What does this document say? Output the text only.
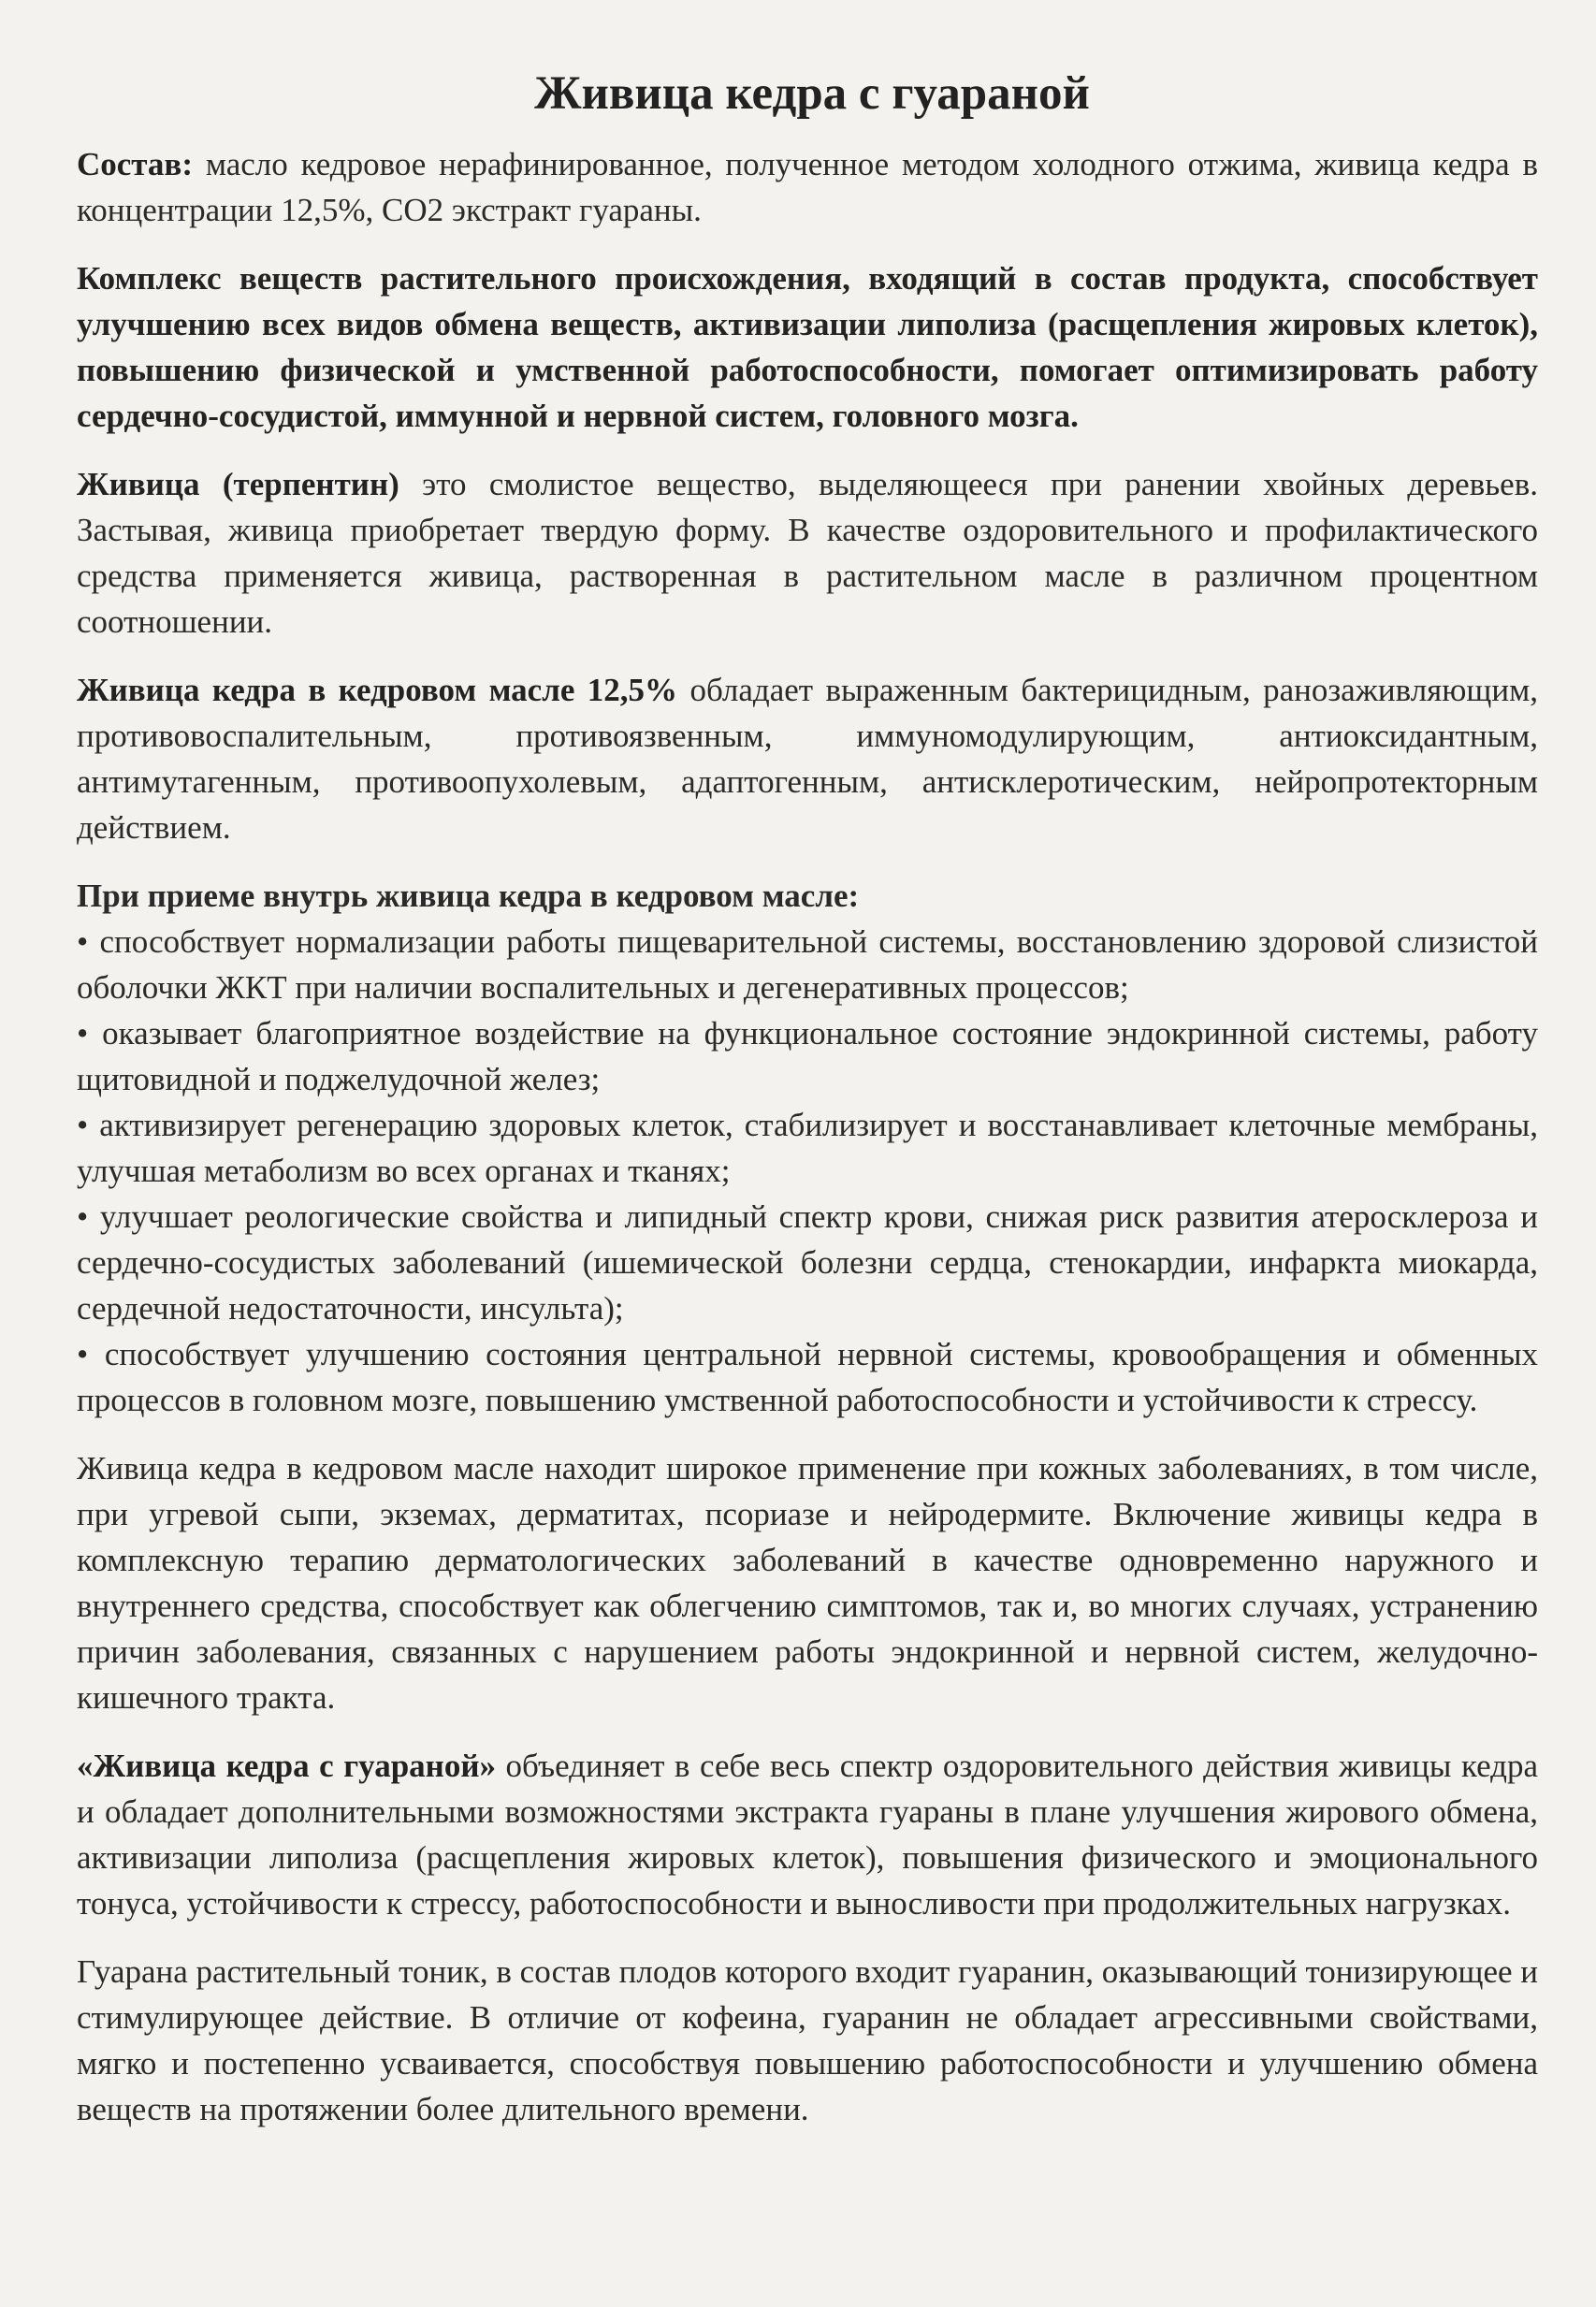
Живица кедра с гуараной

Состав: масло кедровое нерафинированное, полученное методом холодного отжима, живица кедра в концентрации 12,5%, СО2 экстракт гуараны.

Комплекс веществ растительного происхождения, входящий в состав продукта, способствует улучшению всех видов обмена веществ, активизации липолиза (расщепления жировых клеток), повышению физической и умственной работоспособности, помогает оптимизировать работу сердечно-сосудистой, иммунной и нервной систем, головного мозга.

Живица (терпентин) это смолистое вещество, выделяющееся при ранении хвойных деревьев. Застывая, живица приобретает твердую форму. В качестве оздоровительного и профилактического средства применяется живица, растворенная в растительном масле в различном процентном соотношении.

Живица кедра в кедровом масле 12,5% обладает выраженным бактерицидным, ранозаживляющим, противовоспалительным, противоязвенным, иммуномодулирующим, антиоксидантным, антимутагенным, противоопухолевым, адаптогенным, антисклеротическим, нейропротекторным действием.

При приеме внутрь живица кедра в кедровом масле:
• способствует нормализации работы пищеварительной системы, восстановлению здоровой слизистой оболочки ЖКТ при наличии воспалительных и дегенеративных процессов;
• оказывает благоприятное воздействие на функциональное состояние эндокринной системы, работу щитовидной и поджелудочной желез;
• активизирует регенерацию здоровых клеток, стабилизирует и восстанавливает клеточные мембраны, улучшая метаболизм во всех органах и тканях;
• улучшает реологические свойства и липидный спектр крови, снижая риск развития атеросклероза и сердечно-сосудистых заболеваний (ишемической болезни сердца, стенокардии, инфаркта миокарда, сердечной недостаточности, инсульта);
• способствует улучшению состояния центральной нервной системы, кровообращения и обменных процессов в головном мозге, повышению умственной работоспособности и устойчивости к стрессу.

Живица кедра в кедровом масле находит широкое применение при кожных заболеваниях, в том числе, при угревой сыпи, экземах, дерматитах, псориазе и нейродермите. Включение живицы кедра в комплексную терапию дерматологических заболеваний в качестве одновременно наружного и внутреннего средства, способствует как облегчению симптомов, так и, во многих случаях, устранению причин заболевания, связанных с нарушением работы эндокринной и нервной систем, желудочно-кишечного тракта.

«Живица кедра с гуараной» объединяет в себе весь спектр оздоровительного действия живицы кедра и обладает дополнительными возможностями экстракта гуараны в плане улучшения жирового обмена, активизации липолиза (расщепления жировых клеток), повышения физического и эмоционального тонуса, устойчивости к стрессу, работоспособности и выносливости при продолжительных нагрузках.

Гуарана растительный тоник, в состав плодов которого входит гуаранин, оказывающий тонизирующее и стимулирующее действие. В отличие от кофеина, гуаранин не обладает агрессивными свойствами, мягко и постепенно усваивается, способствуя повышению работоспособности и улучшению обмена веществ на протяжении более длительного времени.
